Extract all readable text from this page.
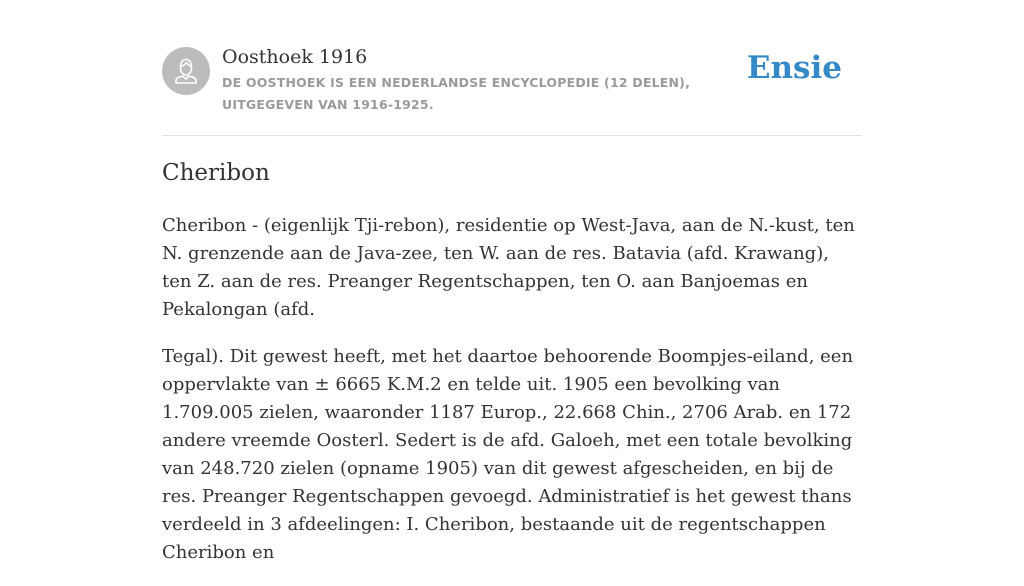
Oosthoek 1916
DE OOSTHOEK IS EEN NEDERLANDSE ENCYCLOPEDIE (12 DELEN), UITGEGEVEN VAN 1916-1925.
Ensie
Cheribon

Cheribon - (eigenlijk Tji-rebon), residentie op West-Java, aan de N.-kust, ten N. grenzende aan de Java-zee, ten W. aan de res. Batavia (afd. Krawang), ten Z. aan de res. Preanger Regentschappen, ten O. aan Banjoemas en Pekalongan (afd.

Tegal). Dit gewest heeft, met het daartoe behoorende Boompjes-eiland, een oppervlakte van ± 6665 K.M.2 en telde uit. 1905 een bevolking van 1.709.005 zielen, waaronder 1187 Europ., 22.668 Chin., 2706 Arab. en 172 andere vreemde Oosterl. Sedert is de afd. Galoeh, met een totale bevolking van 248.720 zielen (opname 1905) van dit gewest afgescheiden, en bij de res. Preanger Regentschappen gevoegd. Administratief is het gewest thans verdeeld in 3 afdeelingen: I. Cheribon, bestaande uit de regentschappen Cheribon en
